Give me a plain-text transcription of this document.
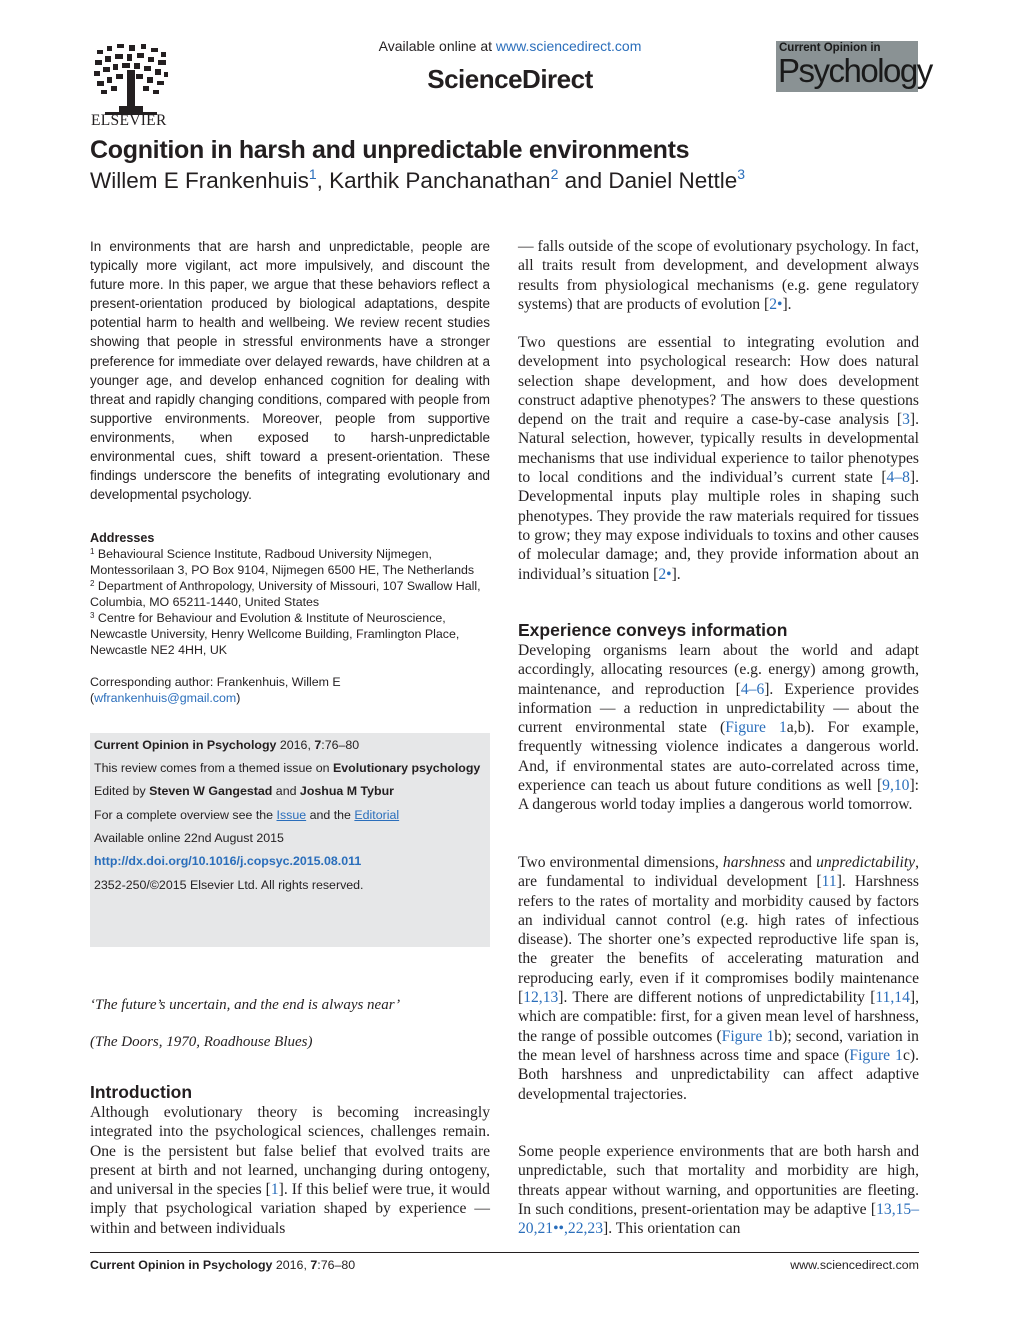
ELSEVIER
Available online at www.sciencedirect.com
ScienceDirect
Current Opinion in
Psychology
Cognition in harsh and unpredictable environments
Willem E Frankenhuis$^1$, Karthik Panchanathan$^2$ and Daniel Nettle$^3$
In environments that are harsh and unpredictable, people are typically more vigilant, act more impulsively, and discount the future more. In this paper, we argue that these behaviors reflect a present-orientation produced by biological adaptations, despite potential harm to health and wellbeing. We review recent studies showing that people in stressful environments have a stronger preference for immediate over delayed rewards, have children at a younger age, and develop enhanced cognition for dealing with threat and rapidly changing conditions, compared with people from supportive environments. Moreover, people from supportive environments, when exposed to harsh-unpredictable environmental cues, shift toward a present-orientation. These findings underscore the benefits of integrating evolutionary and developmental psychology.
Addresses
$^1$ Behavioural Science Institute, Radboud University Nijmegen, Montessorilaan 3, PO Box 9104, Nijmegen 6500 HE, The Netherlands
$^2$ Department of Anthropology, University of Missouri, 107 Swallow Hall, Columbia, MO 65211-1440, United States
$^3$ Centre for Behaviour and Evolution & Institute of Neuroscience, Newcastle University, Henry Wellcome Building, Framlington Place, Newcastle NE2 4HH, UK
Corresponding author: Frankenhuis, Willem E
(wfrankenhuis@gmail.com)
Current Opinion in Psychology 2016, 7:76–80
This review comes from a themed issue on Evolutionary psychology
Edited by Steven W Gangestad and Joshua M Tybur
For a complete overview see the Issue and the Editorial
Available online 22nd August 2015
http://dx.doi.org/10.1016/j.copsyc.2015.08.011
2352-250/©2015 Elsevier Ltd. All rights reserved.
‘The future’s uncertain, and the end is always near’
(The Doors, 1970, Roadhouse Blues)
Introduction
Although evolutionary theory is becoming increasingly integrated into the psychological sciences, challenges remain. One is the persistent but false belief that evolved traits are present at birth and not learned, unchanging during ontogeny, and universal in the species [1]. If this belief were true, it would imply that psychological variation shaped by experience — within and between individuals
— falls outside of the scope of evolutionary psychology. In fact, all traits result from development, and development always results from physiological mechanisms (e.g. gene regulatory systems) that are products of evolution [2•].
Two questions are essential to integrating evolution and development into psychological research: How does natural selection shape development, and how does development construct adaptive phenotypes? The answers to these questions depend on the trait and require a case-by-case analysis [3]. Natural selection, however, typically results in developmental mechanisms that use individual experience to tailor phenotypes to local conditions and the individual’s current state [4–8]. Developmental inputs play multiple roles in shaping such phenotypes. They provide the raw materials required for tissues to grow; they may expose individuals to toxins and other causes of molecular damage; and, they provide information about an individual’s situation [2•].
Experience conveys information
Developing organisms learn about the world and adapt accordingly, allocating resources (e.g. energy) among growth, maintenance, and reproduction [4–6]. Experience provides information — a reduction in unpredictability — about the current environmental state (Figure 1a,b). For example, frequently witnessing violence indicates a dangerous world. And, if environmental states are auto-correlated across time, experience can teach us about future conditions as well [9,10]: A dangerous world today implies a dangerous world tomorrow.
Two environmental dimensions, harshness and unpredictability, are fundamental to individual development [11]. Harshness refers to the rates of mortality and morbidity caused by factors an individual cannot control (e.g. high rates of infectious disease). The shorter one’s expected reproductive life span is, the greater the benefits of accelerating maturation and reproducing early, even if it compromises bodily maintenance [12,13]. There are different notions of unpredictability [11,14], which are compatible: first, for a given mean level of harshness, the range of possible outcomes (Figure 1b); second, variation in the mean level of harshness across time and space (Figure 1c). Both harshness and unpredictability can affect adaptive developmental trajectories.
Some people experience environments that are both harsh and unpredictable, such that mortality and morbidity are high, threats appear without warning, and opportunities are fleeting. In such conditions, present-orientation may be adaptive [13,15–20,21••,22,23]. This orientation can
Current Opinion in Psychology 2016, 7:76–80	www.sciencedirect.com
